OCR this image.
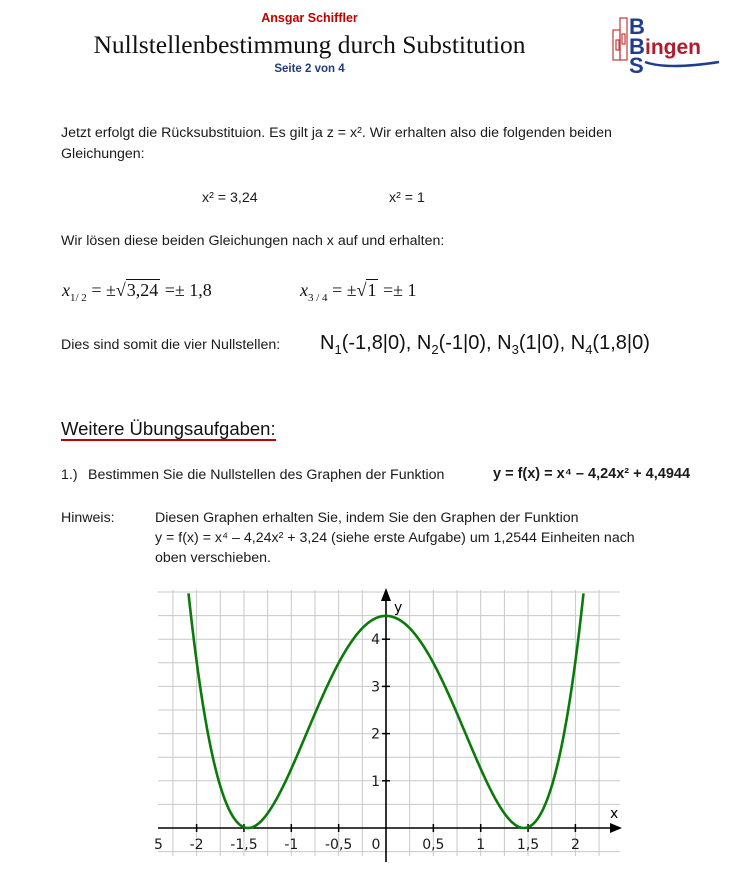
Ansgar Schiffler
Nullstellenbestimmung durch Substitution
Seite 2 von 4
B
B
S
ingen
Jetzt erfolgt die Rücksubstituion. Es gilt ja z = x². Wir erhalten also die folgenden beiden
Gleichungen:
x² = 3,24	x² = 1
Wir lösen diese beiden Gleichungen nach x auf und erhalten:
$x_{1/ 2} = \pm√3,24 =\pm 1,8$	$x_{3 / 4} = \pm√1 =\pm 1$
Dies sind somit die vier Nullstellen: $N_1(-1,8|0)$, $N_2(-1|0)$, $N_3(1|0)$, $N_4(1,8|0)$
Weitere Übungsaufgaben:
1.) Bestimmen Sie die Nullstellen des Graphen der Funktion	y = f(x) = x⁴ – 4,24x² + 4,4944
Hinweis:	Diesen Graphen erhalten Sie, indem Sie den Graphen der Funktion
y = f(x) = x⁴ – 4,24x² + 3,24 (siehe erste Aufgabe) um 1,2544 Einheiten nach
oben verschieben.
x
y
-2 -1,5 -1 -0,5	0,5 1 1,5 2
5	0
1
2
3
4
